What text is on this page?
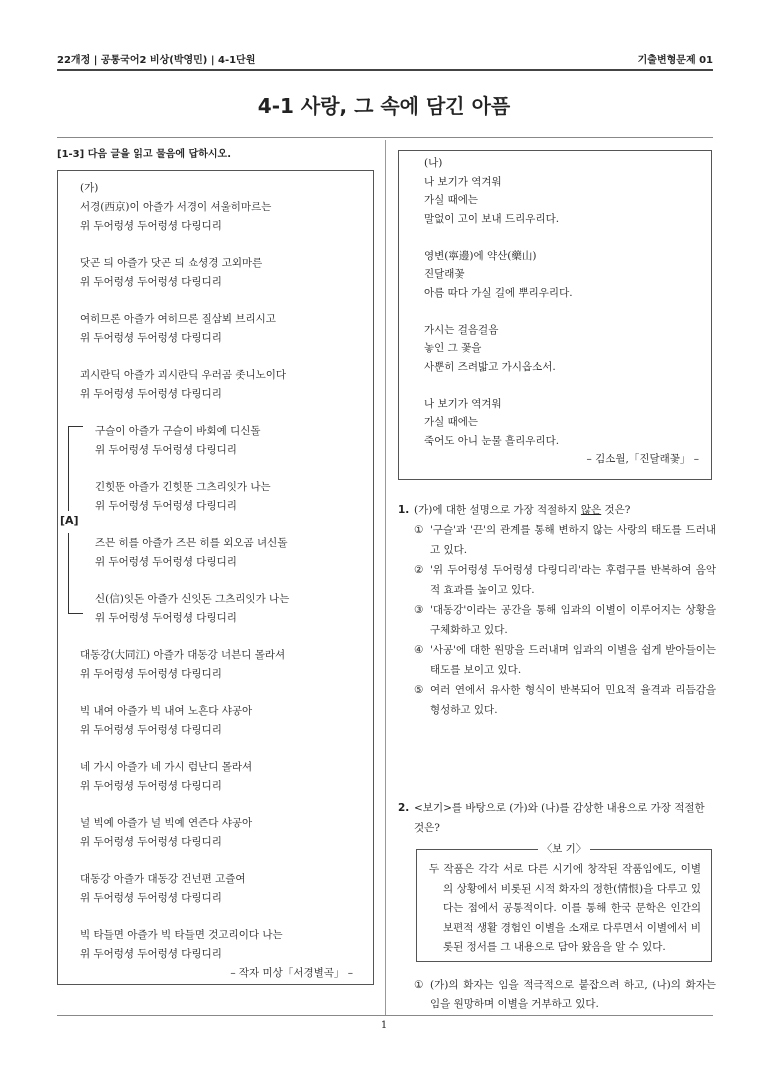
22개정 | 공통국어2 비상(박영민) | 4-1단원	기출변형문제 01
4-1 사랑, 그 속에 담긴 아픔
[1-3] 다음 글을 읽고 물음에 답하시오.
(가)
서경(西京)이 아즐가 서경이 셔울히마르는
위 두어렁셩 두어렁셩 다링디리
닷곤 듸 아즐가 닷곤 듸 쇼셩경 고외마른
위 두어렁셩 두어렁셩 다링디리
여히므론 아즐가 여히므론 질삼뵈 브리시고
위 두어렁셩 두어렁셩 다링디리
괴시란딕 아즐가 괴시란딕 우러곰 좃니노이다
위 두어렁셩 두어렁셩 다링디리
구슬이 아즐가 구슬이 바회예 디신돌
위 두어렁셩 두어렁셩 다링디리
긴힛뚠 아즐가 긴힛뚠 그츠리잇가 나는
위 두어렁셩 두어렁셩 다링디리
즈믄 히를 아즐가 즈믄 히를 외오곰 녀신돌
위 두어렁셩 두어렁셩 다링디리
신(信)잇돈 아즐가 신잇돈 그츠리잇가 나는
위 두어렁셩 두어렁셩 다링디리
대동강(大同江) 아즐가 대동강 너븐디 몰라셔
위 두어렁셩 두어렁셩 다링디리
빅 내여 아즐가 빅 내여 노흔다 샤공아
위 두어렁셩 두어렁셩 다링디리
네 가시 아즐가 네 가시 럼난디 몰라셔
위 두어렁셩 두어렁셩 다링디리
널 빅예 아즐가 널 빅예 연즌다 샤공아
위 두어렁셩 두어렁셩 다링디리
대동강 아즐가 대동강 건넌편 고즐여
위 두어렁셩 두어렁셩 다링디리
빅 타들면 아즐가 빅 타들면 것고리이다 나는
위 두어렁셩 두어렁셩 다링디리
– 작자 미상「서경별곡」 –
[A]
(나)
나 보기가 역겨워
가실 때에는
말없이 고이 보내 드리우리다.
영변(寧邊)에 약산(藥山)
진달래꽃
아름 따다 가실 길에 뿌리우리다.
가시는 걸음걸음
놓인 그 꽃을
사뿐히 즈려밟고 가시옵소서.
나 보기가 역겨워
가실 때에는
죽어도 아니 눈물 흘리우리다.
– 김소월,「진달래꽃」 –
1. (가)에 대한 설명으로 가장 적절하지 않은 것은?
① '구슬'과 '끈'의 관계를 통해 변하지 않는 사랑의 태도를 드러내고 있다.
② '위 두어렁셩 두어렁셩 다링디리'라는 후렴구를 반복하여 음악적 효과를 높이고 있다.
③ '대동강'이라는 공간을 통해 임과의 이별이 이루어지는 상황을 구체화하고 있다.
④ '사공'에 대한 원망을 드러내며 임과의 이별을 쉽게 받아들이는 태도를 보이고 있다.
⑤ 여러 연에서 유사한 형식이 반복되어 민요적 율격과 리듬감을 형성하고 있다.
2. <보기>를 바탕으로 (가)와 (나)를 감상한 내용으로 가장 적절한 것은?
〈보 기〉
두 작품은 각각 서로 다른 시기에 창작된 작품임에도, 이별의 상황에서 비롯된 시적 화자의 정한(情恨)을 다루고 있다는 점에서 공통적이다. 이를 통해 한국 문학은 인간의 보편적 생활 경험인 이별을 소재로 다루면서 이별에서 비롯된 정서를 그 내용으로 담아 왔음을 알 수 있다.
① (가)의 화자는 임을 적극적으로 붙잡으려 하고, (나)의 화자는 임을 원망하며 이별을 거부하고 있다.
1
